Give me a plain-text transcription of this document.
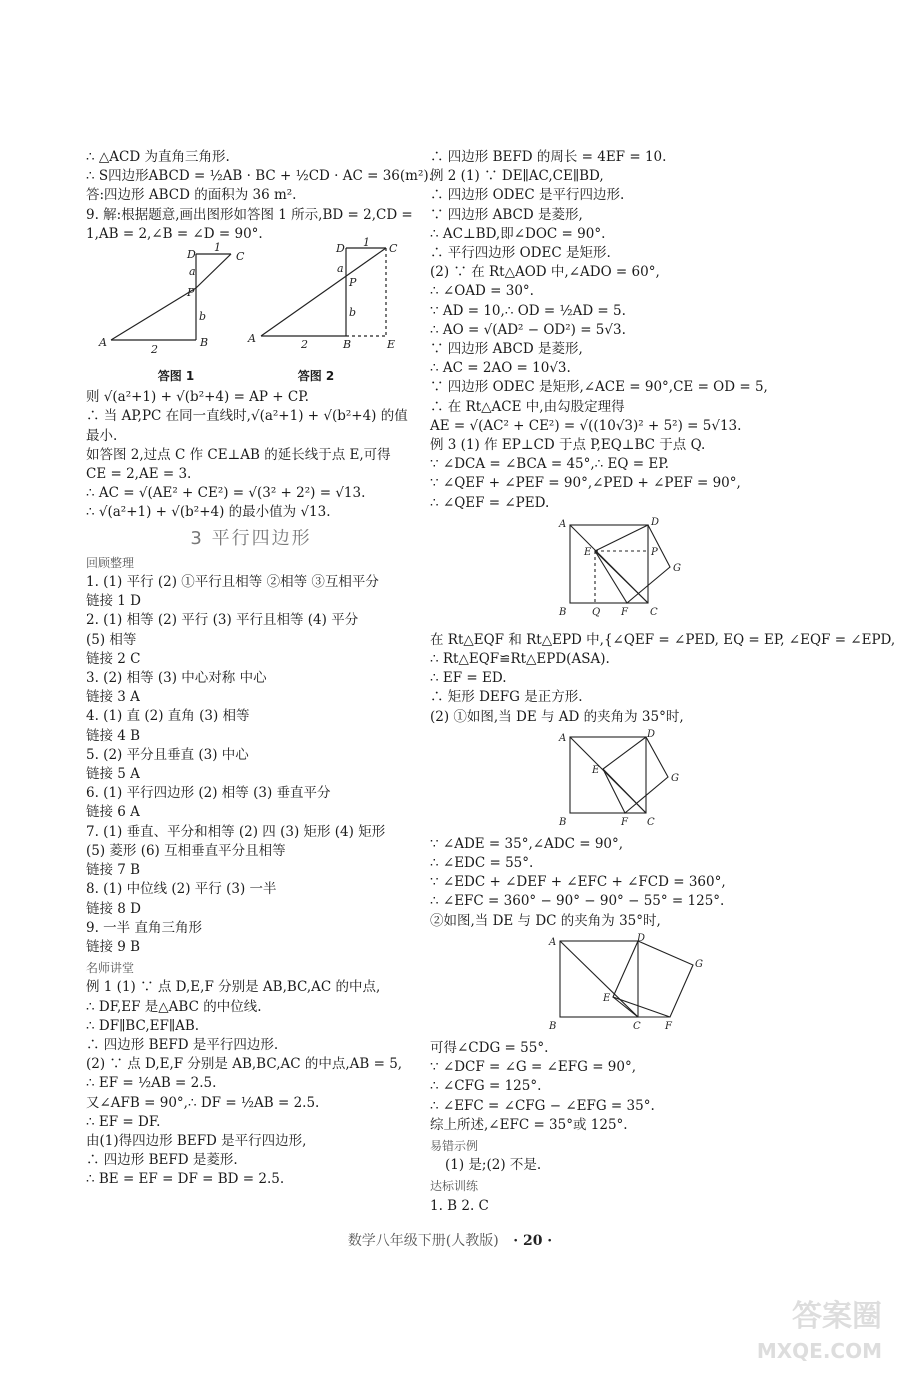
∴ △ACD 为直角三角形.
∴ S四边形ABCD = ½AB · BC + ½CD · AC = 36(m²).
答:四边形 ABCD 的面积为 36 m².
9. 解:根据题意,画出图形如答图 1 所示,BD = 2,CD =
1,AB = 2,∠B = ∠D = 90°.
A	B
D	C
P
a
b
1
2
A	B
D	C
P
a
b
1
2	E
答图 1	答图 2
则 √(a²+1) + √(b²+4) = AP + CP.
∴ 当 AP,PC 在同一直线时,√(a²+1) + √(b²+4) 的值
最小.
如答图 2,过点 C 作 CE⊥AB 的延长线于点 E,可得
CE = 2,AE = 3.
∴ AC = √(AE² + CE²) = √(3² + 2²) = √13.
∴ √(a²+1) + √(b²+4) 的最小值为 √13.
3 平行四边形
回顾整理
1. (1) 平行 (2) ①平行且相等 ②相等 ③互相平分
链接 1 D
2. (1) 相等 (2) 平行 (3) 平行且相等 (4) 平分
(5) 相等
链接 2 C
3. (2) 相等 (3) 中心对称 中心
链接 3 A
4. (1) 直 (2) 直角 (3) 相等
链接 4 B
5. (2) 平分且垂直 (3) 中心
链接 5 A
6. (1) 平行四边形 (2) 相等 (3) 垂直平分
链接 6 A
7. (1) 垂直、平分和相等 (2) 四 (3) 矩形 (4) 矩形
(5) 菱形 (6) 互相垂直平分且相等
链接 7 B
8. (1) 中位线 (2) 平行 (3) 一半
链接 8 D
9. 一半 直角三角形
链接 9 B
名师讲堂
例 1 (1) ∵ 点 D,E,F 分别是 AB,BC,AC 的中点,
∴ DF,EF 是△ABC 的中位线.
∴ DF∥BC,EF∥AB.
∴ 四边形 BEFD 是平行四边形.
(2) ∵ 点 D,E,F 分别是 AB,BC,AC 的中点,AB = 5,
∴ EF = ½AB = 2.5.
又∠AFB = 90°,∴ DF = ½AB = 2.5.
∴ EF = DF.
由(1)得四边形 BEFD 是平行四边形,
∴ 四边形 BEFD 是菱形.
∴ BE = EF = DF = BD = 2.5.
∴ 四边形 BEFD 的周长 = 4EF = 10.
例 2 (1) ∵ DE∥AC,CE∥BD,
∴ 四边形 ODEC 是平行四边形.
∵ 四边形 ABCD 是菱形,
∴ AC⊥BD,即∠DOC = 90°.
∴ 平行四边形 ODEC 是矩形.
(2) ∵ 在 Rt△AOD 中,∠ADO = 60°,
∴ ∠OAD = 30°.
∵ AD = 10,∴ OD = ½AD = 5.
∴ AO = √(AD² − OD²) = 5√3.
∵ 四边形 ABCD 是菱形,
∴ AC = 2AO = 10√3.
∵ 四边形 ODEC 是矩形,∠ACE = 90°,CE = OD = 5,
∴ 在 Rt△ACE 中,由勾股定理得
AE = √(AC² + CE²) = √((10√3)² + 5²) = 5√13.
例 3 (1) 作 EP⊥CD 于点 P,EQ⊥BC 于点 Q.
∵ ∠DCA = ∠BCA = 45°,∴ EQ = EP.
∵ ∠QEF + ∠PEF = 90°,∠PED + ∠PEF = 90°,
∴ ∠QEF = ∠PED.
A	D
B	C
E	P
G
Q F
在 Rt△EQF 和 Rt△EPD 中,{∠QEF = ∠PED, EQ = EP, ∠EQF = ∠EPD,
∴ Rt△EQF≌Rt△EPD(ASA).
∴ EF = ED.
∴ 矩形 DEFG 是正方形.
(2) ①如图,当 DE 与 AD 的夹角为 35°时,
A	D
B	C
E
G
F
∵ ∠ADE = 35°,∠ADC = 90°,
∴ ∠EDC = 55°.
∵ ∠EDC + ∠DEF + ∠EFC + ∠FCD = 360°,
∴ ∠EFC = 360° − 90° − 90° − 55° = 125°.
②如图,当 DE 与 DC 的夹角为 35°时,
A	D
B	C
E
G
F
可得∠CDG = 55°.
∵ ∠DCF = ∠G = ∠EFG = 90°,
∴ ∠CFG = 125°.
∴ ∠EFC = ∠CFG − ∠EFG = 35°.
综上所述,∠EFC = 35°或 125°.
易错示例
(1) 是;(2) 不是.
达标训练
1. B 2. C
数学八年级下册(人教版) · 20 ·
答案圈
MXQE.COM
